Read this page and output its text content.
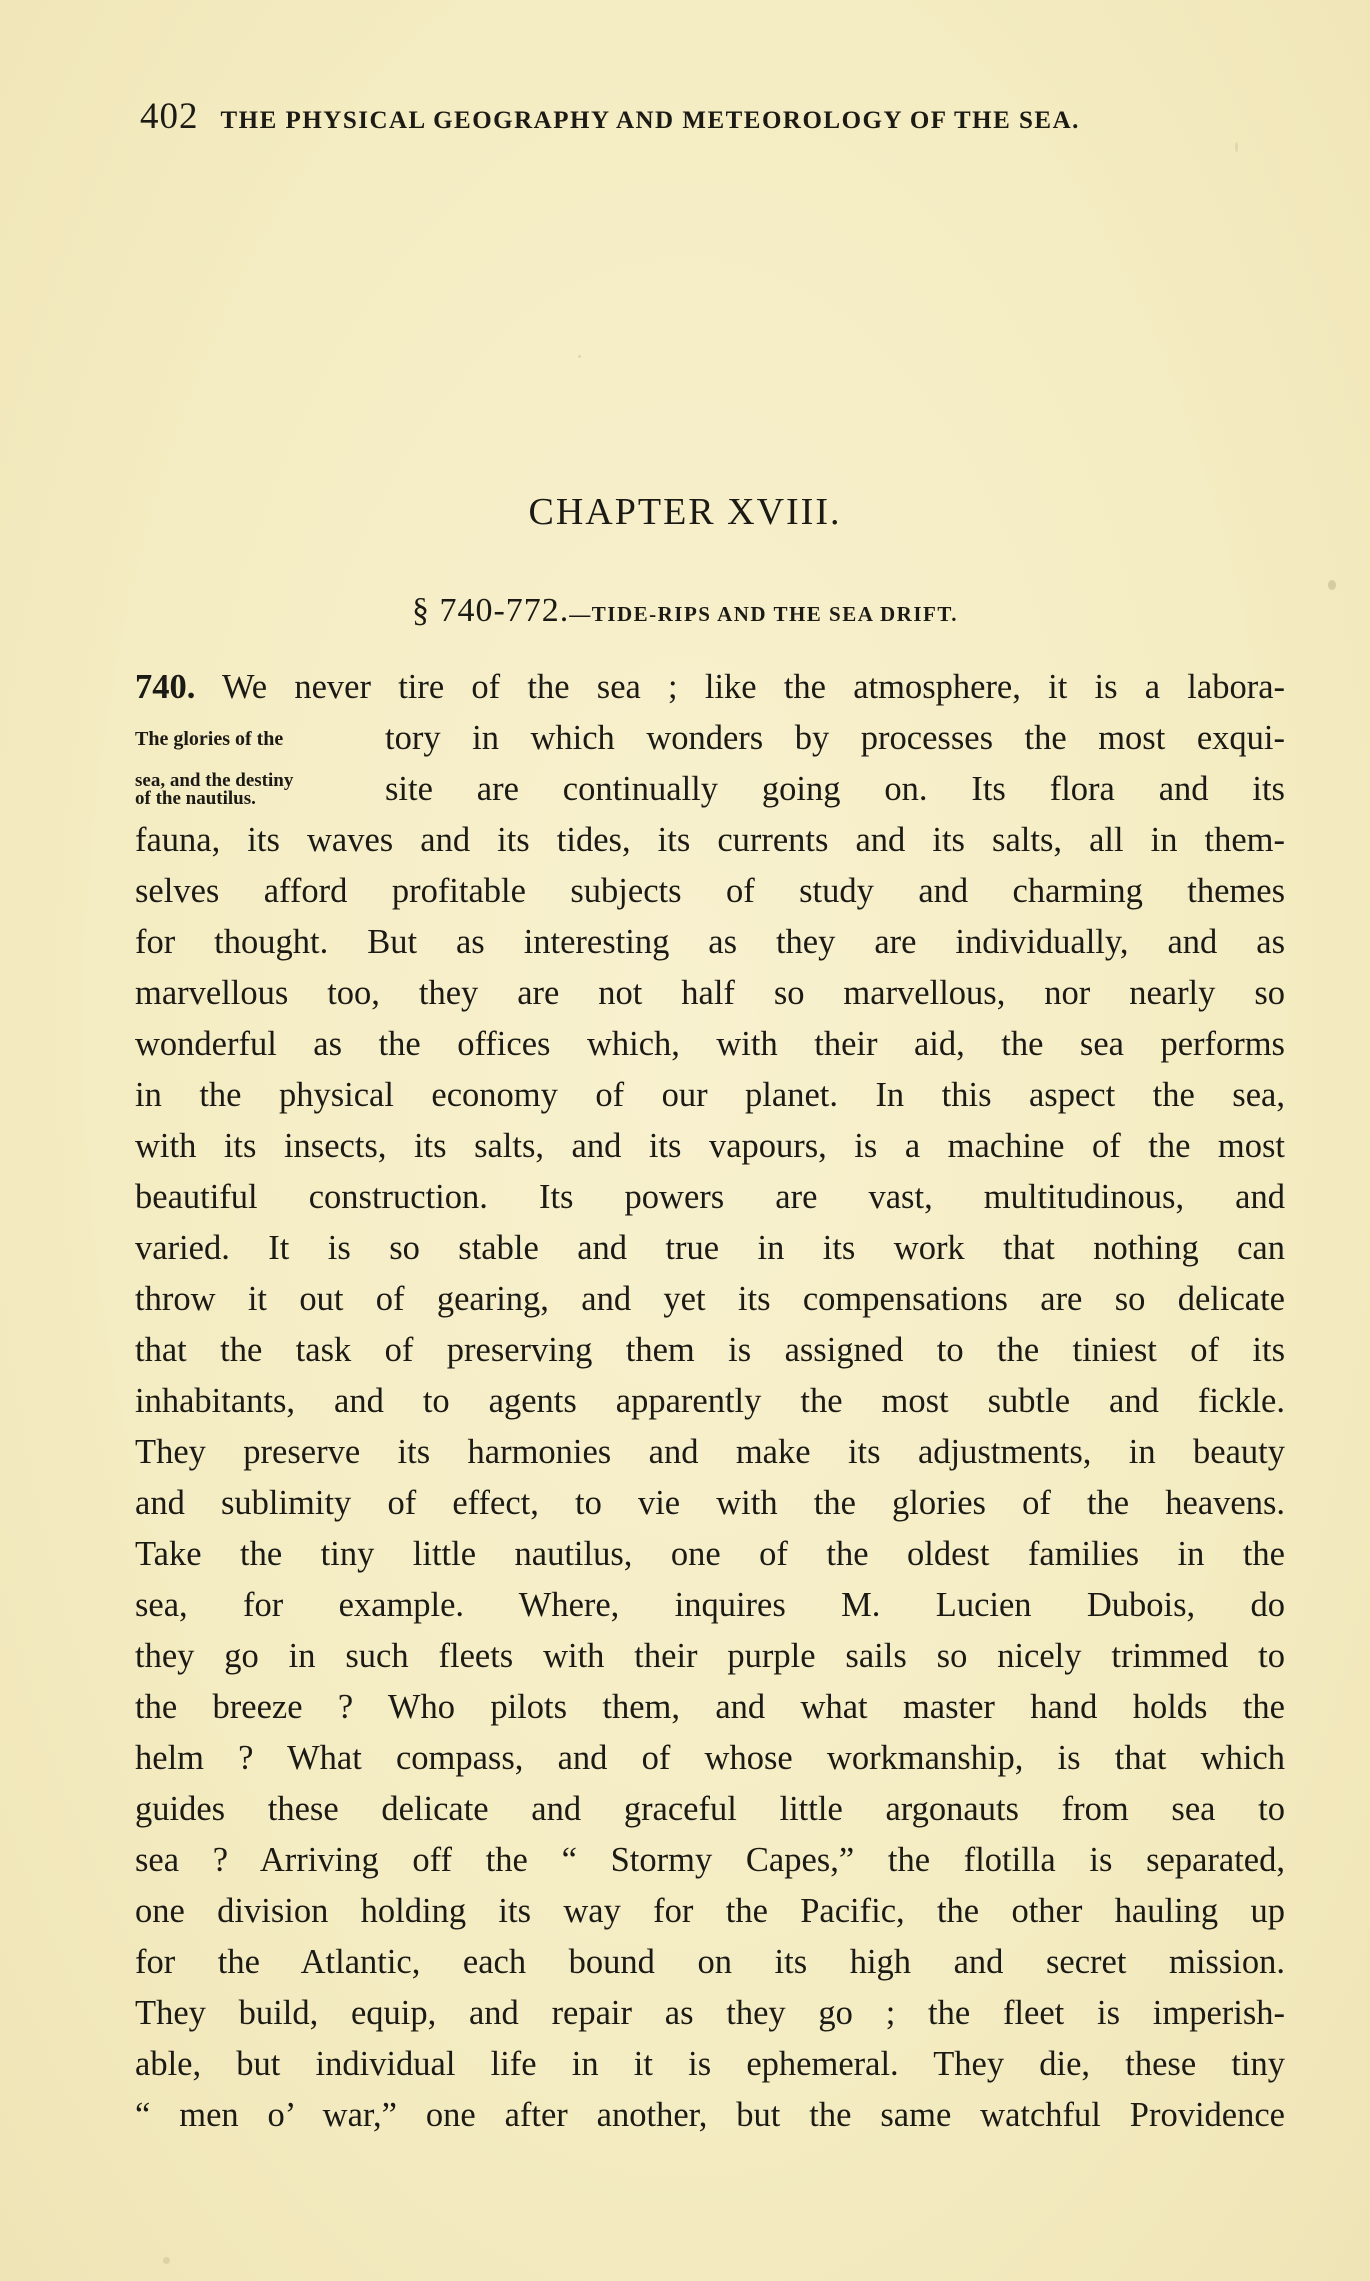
402 THE PHYSICAL GEOGRAPHY AND METEOROLOGY OF THE SEA.
CHAPTER XVIII.
§ 740-772.—TIDE-RIPS AND THE SEA DRIFT.
740. We never tire of the sea ; like the atmosphere, it is a labora-
The glories of the	tory in which wonders by processes the most exqui-
sea, and the destiny
of the nautilus.	site are continually going on. Its flora and its
fauna, its waves and its tides, its currents and its salts, all in them-
selves afford profitable subjects of study and charming themes
for thought. But as interesting as they are individually, and as
marvellous too, they are not half so marvellous, nor nearly so
wonderful as the offices which, with their aid, the sea performs
in the physical economy of our planet. In this aspect the sea,
with its insects, its salts, and its vapours, is a machine of the most
beautiful construction. Its powers are vast, multitudinous, and
varied. It is so stable and true in its work that nothing can
throw it out of gearing, and yet its compensations are so delicate
that the task of preserving them is assigned to the tiniest of its
inhabitants, and to agents apparently the most subtle and fickle.
They preserve its harmonies and make its adjustments, in beauty
and sublimity of effect, to vie with the glories of the heavens.
Take the tiny little nautilus, one of the oldest families in the
sea, for example. Where, inquires M. Lucien Dubois, do
they go in such fleets with their purple sails so nicely trimmed to
the breeze ? Who pilots them, and what master hand holds the
helm ? What compass, and of whose workmanship, is that which
guides these delicate and graceful little argonauts from sea to
sea ? Arriving off the “ Stormy Capes,” the flotilla is separated,
one division holding its way for the Pacific, the other hauling up
for the Atlantic, each bound on its high and secret mission.
They build, equip, and repair as they go ; the fleet is imperish-
able, but individual life in it is ephemeral. They die, these tiny
“ men o’ war,” one after another, but the same watchful Providence
